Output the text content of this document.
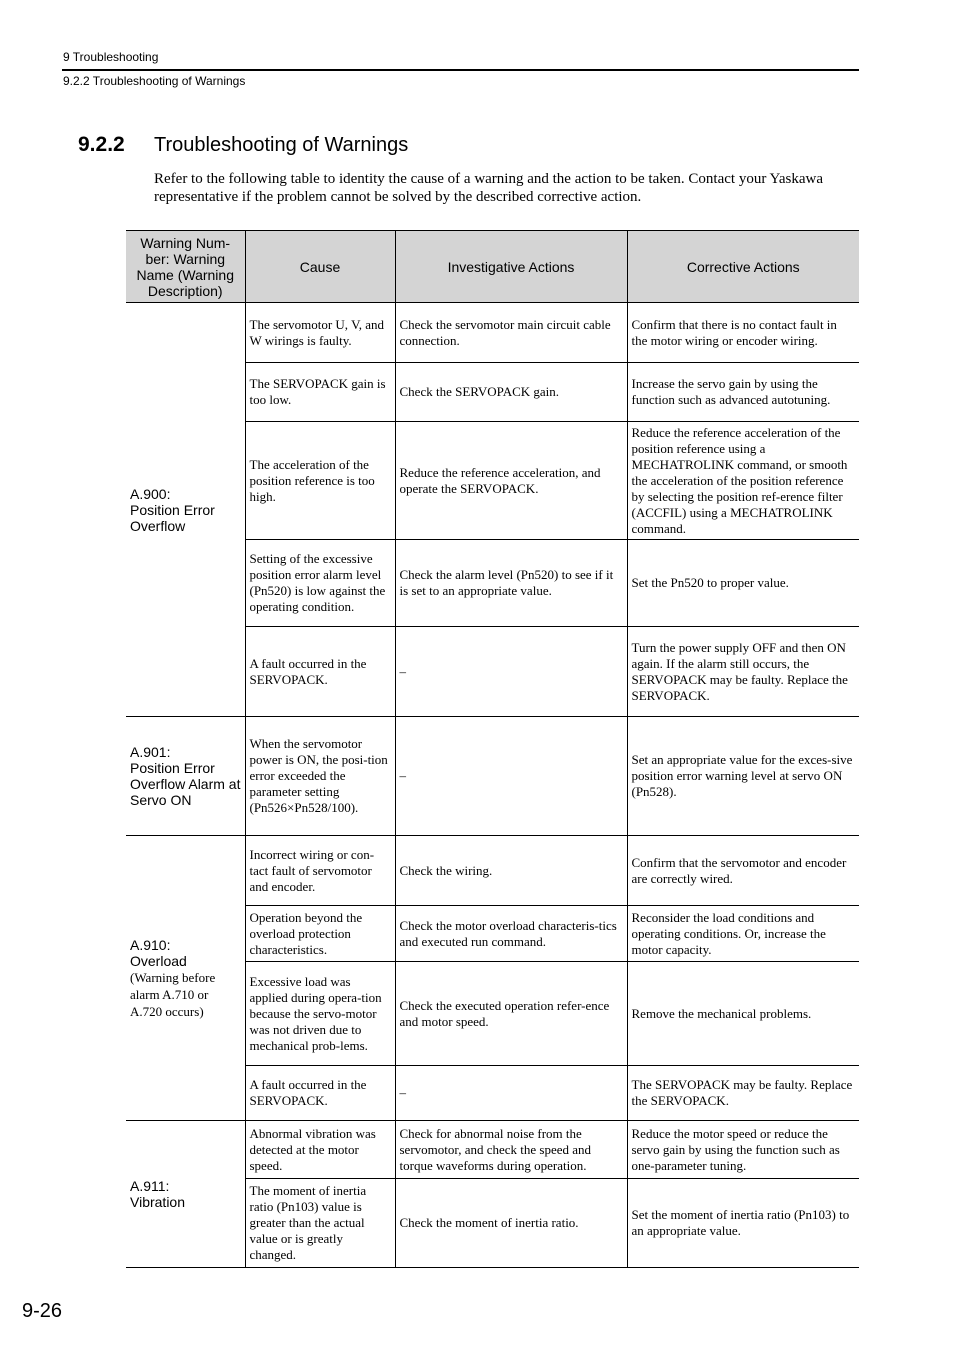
9 Troubleshooting
9.2.2 Troubleshooting of Warnings
9.2.2 Troubleshooting of Warnings
Refer to the following table to identity the cause of a warning and the action to be taken. Contact your Yaskawa representative if the problem cannot be solved by the described corrective action.
Warning Num-ber: Warning Name (Warning Description)	Cause	Investigative Actions	Corrective Actions
A.900:
Position Error Overflow	The servomotor U, V, and W wirings is faulty.	Check the servomotor main circuit cable connection.	Confirm that there is no contact fault in the motor wiring or encoder wiring.
	The SERVOPACK gain is too low.	Check the SERVOPACK gain.	Increase the servo gain by using the function such as advanced autotuning.
	The acceleration of the position reference is too high.	Reduce the reference acceleration, and operate the SERVOPACK.	Reduce the reference acceleration of the position reference using a MECHATROLINK command, or smooth the acceleration of the position reference by selecting the position ref-erence filter (ACCFIL) using a MECHATROLINK command.
	Setting of the excessive position error alarm level (Pn520) is low against the operating condition.	Check the alarm level (Pn520) to see if it is set to an appropriate value.	Set the Pn520 to proper value.
	A fault occurred in the SERVOPACK.	–	Turn the power supply OFF and then ON again. If the alarm still occurs, the SERVOPACK may be faulty. Replace the SERVOPACK.
A.901:
Position Error Overflow Alarm at Servo ON	When the servomotor power is ON, the posi-tion error exceeded the parameter setting (Pn526×Pn528/100).	–	Set an appropriate value for the exces-sive position error warning level at servo ON (Pn528).
A.910:
Overload
(Warning before alarm A.710 or A.720 occurs)	Incorrect wiring or con-tact fault of servomotor and encoder.	Check the wiring.	Confirm that the servomotor and encoder are correctly wired.
	Operation beyond the overload protection characteristics.	Check the motor overload characteris-tics and executed run command.	Reconsider the load conditions and operating conditions. Or, increase the motor capacity.
	Excessive load was applied during opera-tion because the servo-motor was not driven due to mechanical prob-lems.	Check the executed operation refer-ence and motor speed.	Remove the mechanical problems.
	A fault occurred in the SERVOPACK.	–	The SERVOPACK may be faulty. Replace the SERVOPACK.
A.911:
Vibration	Abnormal vibration was detected at the motor speed.	Check for abnormal noise from the servomotor, and check the speed and torque waveforms during operation.	Reduce the motor speed or reduce the servo gain by using the function such as one-parameter tuning.
	The moment of inertia ratio (Pn103) value is greater than the actual value or is greatly changed.	Check the moment of inertia ratio.	Set the moment of inertia ratio (Pn103) to an appropriate value.
9-26
